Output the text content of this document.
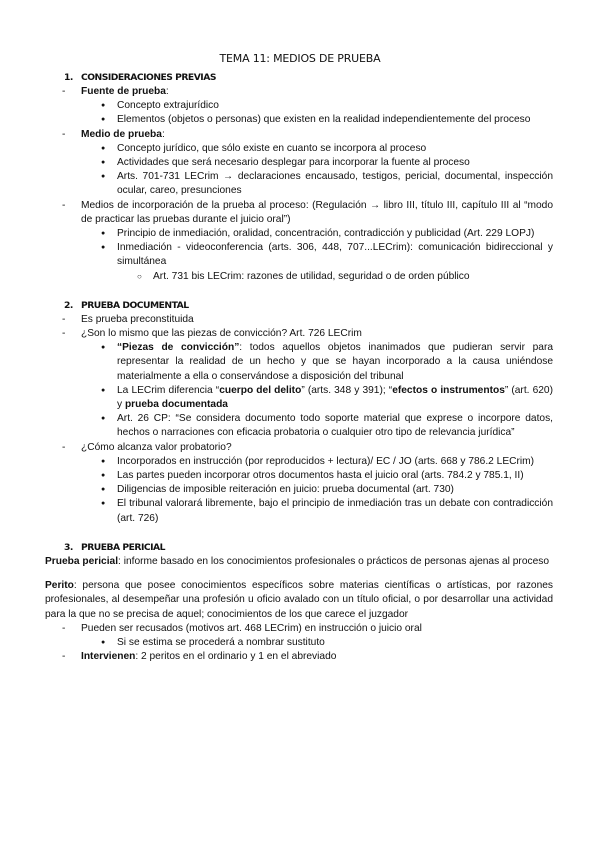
TEMA 11: MEDIOS DE PRUEBA
1. CONSIDERACIONES PREVIAS
- Fuente de prueba:
● Concepto extrajurídico
● Elementos (objetos o personas) que existen en la realidad independientemente del proceso
- Medio de prueba:
● Concepto jurídico, que sólo existe en cuanto se incorpora al proceso
● Actividades que será necesario desplegar para incorporar la fuente al proceso
● Arts. 701-731 LECrim → declaraciones encausado, testigos, pericial, documental, inspección ocular, careo, presunciones
- Medios de incorporación de la prueba al proceso: (Regulación → libro III, título III, capítulo III al “modo de practicar las pruebas durante el juicio oral”)
● Principio de inmediación, oralidad, concentración, contradicción y publicidad (Art. 229 LOPJ)
● Inmediación - videoconferencia (arts. 306, 448, 707...LECrim): comunicación bidireccional y simultánea
○ Art. 731 bis LECrim: razones de utilidad, seguridad o de orden público
2. PRUEBA DOCUMENTAL
- Es prueba preconstituida
- ¿Son lo mismo que las piezas de convicción? Art. 726 LECrim
● “Piezas de convicción”: todos aquellos objetos inanimados que pudieran servir para representar la realidad de un hecho y que se hayan incorporado a la causa uniéndose materialmente a ella o conservándose a disposición del tribunal
● La LECrim diferencia “cuerpo del delito” (arts. 348 y 391); “efectos o instrumentos” (art. 620) y prueba documentada
● Art. 26 CP: “Se considera documento todo soporte material que exprese o incorpore datos, hechos o narraciones con eficacia probatoria o cualquier otro tipo de relevancia jurídica”
- ¿Cómo alcanza valor probatorio?
● Incorporados en instrucción (por reproducidos + lectura)/ EC / JO (arts. 668 y 786.2 LECrim)
● Las partes pueden incorporar otros documentos hasta el juicio oral (arts. 784.2 y 785.1, II)
● Diligencias de imposible reiteración en juicio: prueba documental (art. 730)
● El tribunal valorará libremente, bajo el principio de inmediación tras un debate con contradicción (art. 726)
3. PRUEBA PERICIAL
Prueba pericial: informe basado en los conocimientos profesionales o prácticos de personas ajenas al proceso
Perito: persona que posee conocimientos específicos sobre materias científicas o artísticas, por razones profesionales, al desempeñar una profesión u oficio avalado con un título oficial, o por desarrollar una actividad para la que no se precisa de aquel; conocimientos de los que carece el juzgador
- Pueden ser recusados (motivos art. 468 LECrim) en instrucción o juicio oral
● Si se estima se procederá a nombrar sustituto
- Intervienen: 2 peritos en el ordinario y 1 en el abreviado
